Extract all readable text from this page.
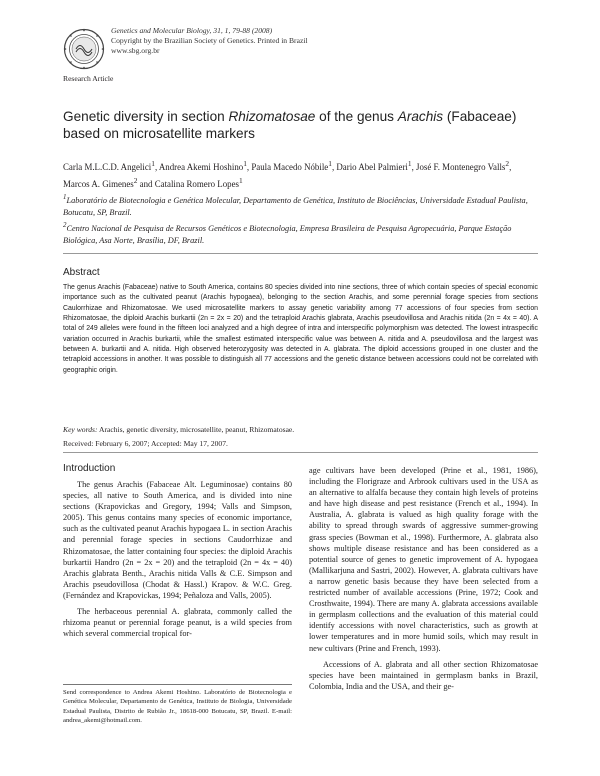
Genetics and Molecular Biology, 31, 1, 79-88 (2008)
Copyright by the Brazilian Society of Genetics. Printed in Brazil
www.sbg.org.br
Research Article
Genetic diversity in section Rhizomatosae of the genus Arachis (Fabaceae) based on microsatellite markers
Carla M.L.C.D. Angelici$^1$, Andrea Akemi Hoshino$^1$, Paula Macedo Nóbile$^1$, Dario Abel Palmieri$^1$, José F. Montenegro Valls$^2$, Marcos A. Gimenes$^2$ and Catalina Romero Lopes$^1$
$^1$Laboratório de Biotecnologia e Genética Molecular, Departamento de Genética, Instituto de Biociências, Universidade Estadual Paulista, Botucatu, SP, Brazil.
$^2$Centro Nacional de Pesquisa de Recursos Genéticos e Biotecnologia, Empresa Brasileira de Pesquisa Agropecuária, Parque Estação Biológica, Asa Norte, Brasília, DF, Brazil.
Abstract
The genus Arachis (Fabaceae) native to South America, contains 80 species divided into nine sections, three of which contain species of special economic importance such as the cultivated peanut (Arachis hypogaea), belonging to the section Arachis, and some perennial forage species from sections Caulorrhizae and Rhizomatosae. We used microsatellite markers to assay genetic variability among 77 accessions of four species from section Rhizomatosae, the diploid Arachis burkartii (2n = 2x = 20) and the tetraploid Arachis glabrata, Arachis pseudovillosa and Arachis nitida (2n = 4x = 40). A total of 249 alleles were found in the fifteen loci analyzed and a high degree of intra and interspecific polymorphism was detected. The lowest intraspecific variation occurred in Arachis burkartii, while the smallest estimated interspecific value was between A. nitida and A. pseudovillosa and the largest was between A. burkartii and A. nitida. High observed heterozygosity was detected in A. glabrata. The diploid accessions grouped in one cluster and the tetraploid accessions in another. It was possible to distinguish all 77 accessions and the genetic distance between accessions could not be correlated with geographic origin.
Key words: Arachis, genetic diversity, microsatellite, peanut, Rhizomatosae.
Received: February 6, 2007; Accepted: May 17, 2007.
Introduction

The genus Arachis (Fabaceae Alt. Leguminosae) contains 80 species, all native to South America, and is divided into nine sections (Krapovickas and Gregory, 1994; Valls and Simpson, 2005). This genus contains many species of economic importance, such as the cultivated peanut Arachis hypogaea L. in section Arachis and perennial forage species in sections Caudorrhizae and Rhizomatosae, the latter containing four species: the diploid Arachis burkartii Handro (2n = 2x = 20) and the tetraploid (2n = 4x = 40) Arachis glabrata Benth., Arachis nitida Valls & C.E. Simpson and Arachis pseudovillosa (Chodat & Hassl.) Krapov. & W.C. Greg. (Fernández and Krapovickas, 1994; Peñaloza and Valls, 2005).

The herbaceous perennial A. glabrata, commonly called the rhizoma peanut or perennial forage peanut, is a wild species from which several commercial tropical for-

age cultivars have been developed (Prine et al., 1981, 1986), including the Florigraze and Arbrook cultivars used in the USA as an alternative to alfalfa because they contain high levels of proteins and have high disease and pest resistance (French et al., 1994). In Australia, A. glabrata is valued as high quality forage with the ability to spread through swards of aggressive summer-growing grass species (Bowman et al., 1998). Furthermore, A. glabrata also shows multiple disease resistance and has been considered as a potential source of genes to genetic improvement of A. hypogaea (Mallikarjuna and Sastri, 2002). However, A. glabrata cultivars have a narrow genetic basis because they have been selected from a restricted number of available accessions (Prine, 1972; Cook and Crosthwaite, 1994). There are many A. glabrata accessions available in germplasm collections and the evaluation of this material could identify accessions with novel characteristics, such as growth at lower temperatures and in more humid soils, which may result in new cultivars (Prine and French, 1993).

Accessions of A. glabrata and all other section Rhizomatosae species have been maintained in germplasm banks in Brazil, Colombia, India and the USA, and their ge-

Send correspondence to Andrea Akemi Hoshino. Laboratório de Biotecnologia e Genética Molecular, Departamento de Genética, Instituto de Biologia, Universidade Estadual Paulista, Distrito de Rubião Jr., 18618-000 Botucatu, SP, Brazil. E-mail: andrea_akemi@hotmail.com.
